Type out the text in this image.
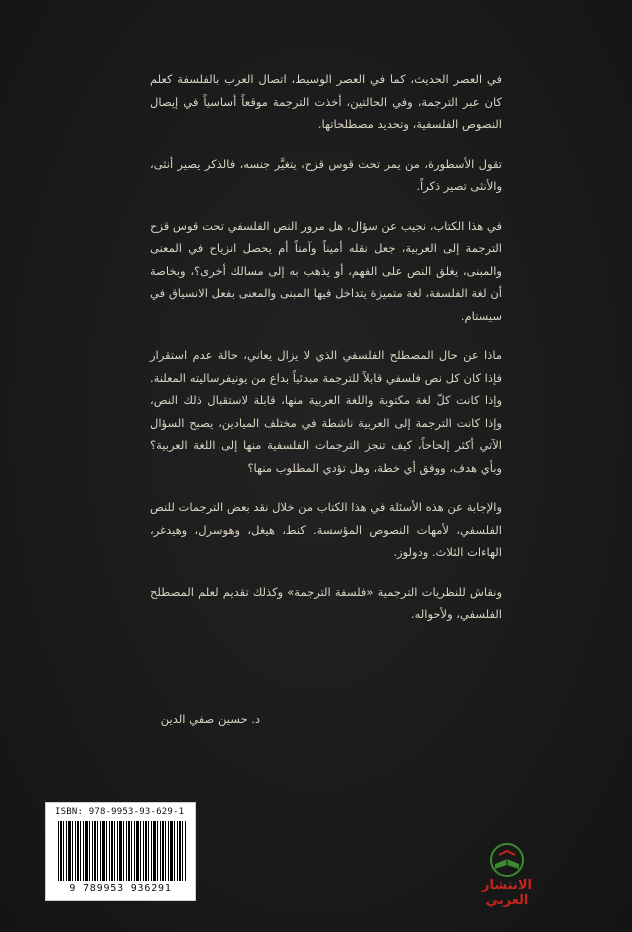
في العصر الحديث، كما في العصر الوسيط، اتصال العرب بالفلسفة كعلم كان عبر الترجمة، وفي الحالتين، أخذت الترجمة موقعاً أساسياً في إيصال النصوص الفلسفية، وتحديد مصطلحاتها.

تقول الأسطورة، من يمر تحت قوس قزح، يتغيَّر جنسه، فالذكر يصير أنثى، والأنثى تصير ذكراً.

في هذا الكتاب، نجيب عن سؤال، هل مرور النص الفلسفي تحت قوس قزح الترجمة إلى العربية، جعل نقله أميناً وآمناً أم يحصل انزياح في المعنى والمبنى، يغلق النص على الفهم، أو يذهب به إلى مسالك أخرى؟، وبخاصة أن لغة الفلسفة، لغة متميزة يتداخل فيها المبنى والمعنى بفعل الانسياق في سيستام.

ماذا عن حال المصطلح الفلسفي الذي لا يزال يعاني، حالة عدم استقرار فإذا كان كل نص فلسفي قابلاً للترجمة مبدئياً بداع من يونيفرساليته المعلنة. وإذا كانت كلّ لغة مكتوبة واللغة العربية منها، قابلة لاستقبال ذلك النص، وإذا كانت الترجمة إلى العربية ناشطة في مختلف الميادين، يصبح السؤال الآتي أكثر إلحاحاً، كيف تنجز الترجمات الفلسفية منها إلى اللغة العربية؟ وبأي هدف، ووفق أي خطة، وهل تؤدي المطلوب منها؟

والإجابة عن هذه الأسئلة في هذا الكتاب من خلال نقد بعض الترجمات للنص الفلسفي، لأمهات النصوص المؤسسة. كنط، هيغل، وهوسرل، وهيدغر، الهاءات الثلاث. ودولوز.

ونقاش للنظريات الترجمية «فلسفة الترجمة» وكذلك تقديم لعلم المصطلح الفلسفي، ولأحواله.

د. حسين صفي الدين
ISBN: 978-9953-93-629-1
9 789953 936291	الانتشار العربي
